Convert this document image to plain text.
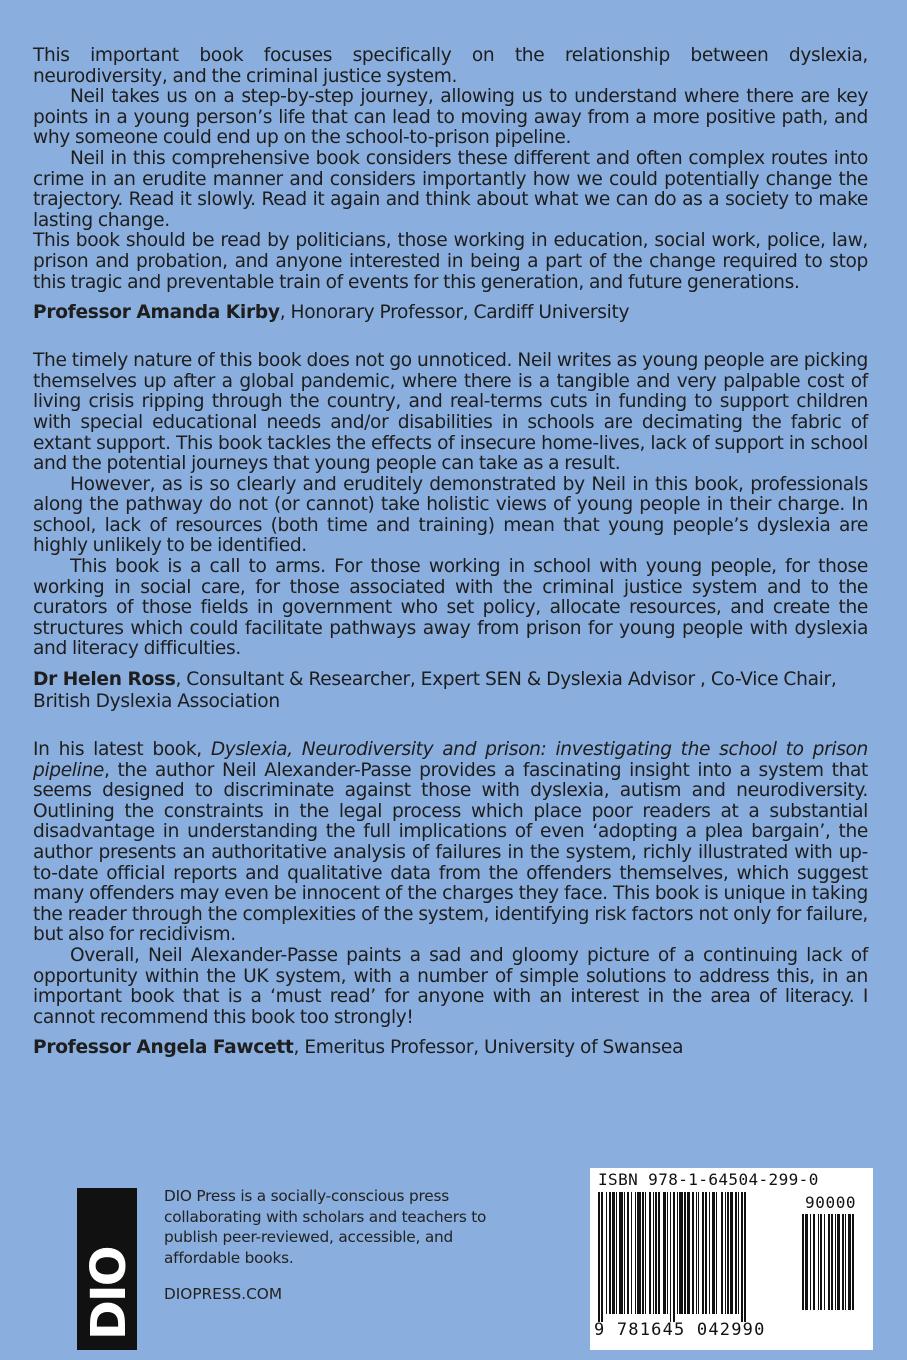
This important book focuses specifically on the relationship between dyslexia, neurodiversity, and the criminal justice system.

Neil takes us on a step-by-step journey, allowing us to understand where there are key points in a young person’s life that can lead to moving away from a more positive path, and why someone could end up on the school-to-prison pipeline.

Neil in this comprehensive book considers these different and often complex routes into crime in an erudite manner and considers importantly how we could potentially change the trajectory. Read it slowly. Read it again and think about what we can do as a society to make lasting change.

This book should be read by politicians, those working in education, social work, police, law, prison and probation, and anyone interested in being a part of the change required to stop this tragic and preventable train of events for this generation, and future generations.

Professor Amanda Kirby, Honorary Professor, Cardiff University

The timely nature of this book does not go unnoticed. Neil writes as young people are picking themselves up after a global pandemic, where there is a tangible and very palpable cost of living crisis ripping through the country, and real-terms cuts in funding to support children with special educational needs and/or disabilities in schools are decimating the fabric of extant support. This book tackles the effects of insecure home-lives, lack of support in school and the potential journeys that young people can take as a result.

However, as is so clearly and eruditely demonstrated by Neil in this book, professionals along the pathway do not (or cannot) take holistic views of young people in their charge. In school, lack of resources (both time and training) mean that young people’s dyslexia are highly unlikely to be identified.

This book is a call to arms. For those working in school with young people, for those working in social care, for those associated with the criminal justice system and to the curators of those fields in government who set policy, allocate resources, and create the structures which could facilitate pathways away from prison for young people with dyslexia and literacy difficulties.

Dr Helen Ross, Consultant & Researcher, Expert SEN & Dyslexia Advisor , Co-Vice Chair, British Dyslexia Association

In his latest book, Dyslexia, Neurodiversity and prison: investigating the school to prison pipeline, the author Neil Alexander-Passe provides a fascinating insight into a system that seems designed to discriminate against those with dyslexia, autism and neurodiversity. Outlining the constraints in the legal process which place poor readers at a substantial disadvantage in understanding the full implications of even ‘adopting a plea bargain’, the author presents an authoritative analysis of failures in the system, richly illustrated with up-to-date official reports and qualitative data from the offenders themselves, which suggest many offenders may even be innocent of the charges they face. This book is unique in taking the reader through the complexities of the system, identifying risk factors not only for failure, but also for recidivism.

Overall, Neil Alexander-Passe paints a sad and gloomy picture of a continuing lack of opportunity within the UK system, with a number of simple solutions to address this, in an important book that is a ‘must read’ for anyone with an interest in the area of literacy. I cannot recommend this book too strongly!

Professor Angela Fawcett, Emeritus Professor, University of Swansea

DIO
DIO Press is a socially-conscious press collaborating with scholars and teachers to publish peer-reviewed, accessible, and affordable books.
DIOPRESS.COM
ISBN 978-1-64504-299-0
90000
9 781645 042990
